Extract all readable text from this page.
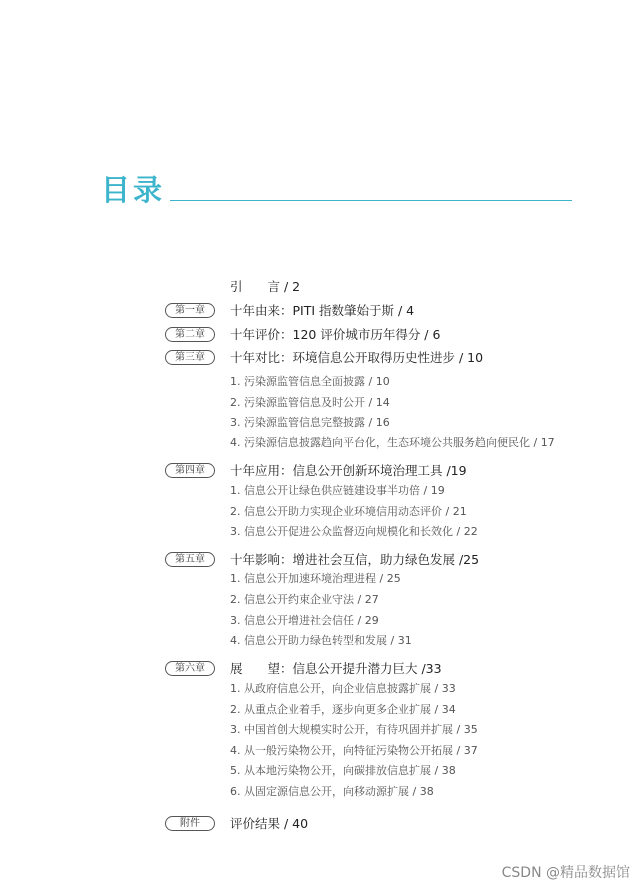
目录
引　　言 / 2
第一章	十年由来：PITI 指数肇始于斯 / 4
第二章	十年评价：120 评价城市历年得分 / 6
第三章	十年对比：环境信息公开取得历史性进步 / 10
1. 污染源监管信息全面披露 / 10
2. 污染源监管信息及时公开 / 14
3. 污染源监管信息完整披露 / 16
4. 污染源信息披露趋向平台化，生态环境公共服务趋向便民化 / 17
第四章	十年应用：信息公开创新环境治理工具 /19
1. 信息公开让绿色供应链建设事半功倍 / 19
2. 信息公开助力实现企业环境信用动态评价 / 21
3. 信息公开促进公众监督迈向规模化和长效化 / 22
第五章	十年影响：增进社会互信，助力绿色发展 /25
1. 信息公开加速环境治理进程 / 25
2. 信息公开约束企业守法 / 27
3. 信息公开增进社会信任 / 29
4. 信息公开助力绿色转型和发展 / 31
第六章	展　　望：信息公开提升潜力巨大 /33
1. 从政府信息公开，向企业信息披露扩展 / 33
2. 从重点企业着手，逐步向更多企业扩展 / 34
3. 中国首创大规模实时公开，有待巩固并扩展 / 35
4. 从一般污染物公开，向特征污染物公开拓展 / 37
5. 从本地污染物公开，向碳排放信息扩展 / 38
6. 从固定源信息公开，向移动源扩展 / 38
附件	评价结果 / 40
CSDN @精品数据馆
